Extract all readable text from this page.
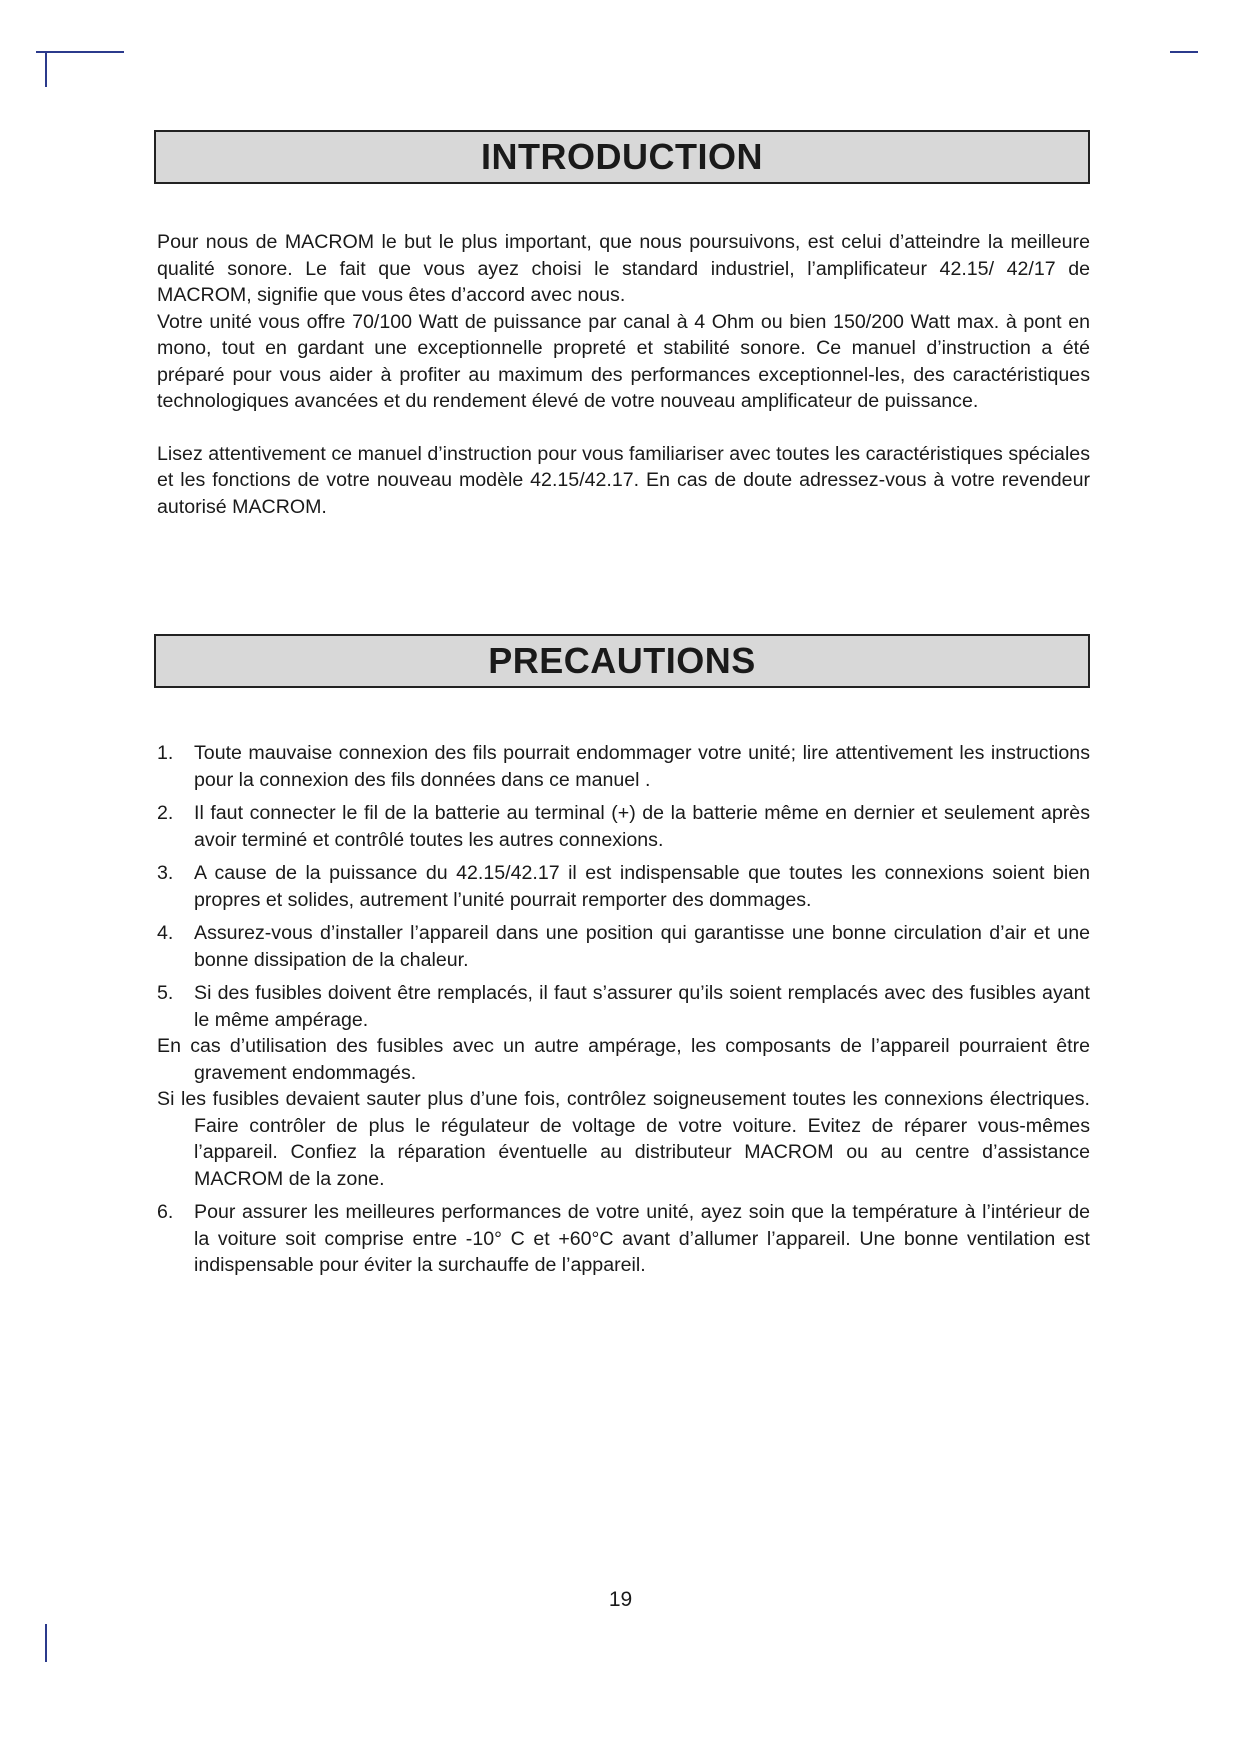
INTRODUCTION

Pour nous de MACROM le but le plus important, que nous poursuivons, est celui d’atteindre la meilleure qualité sonore. Le fait que vous ayez choisi le standard industriel, l’amplificateur 42.15/ 42/17 de MACROM, signifie que vous êtes d’accord avec nous.

Votre unité vous offre 70/100 Watt de puissance par canal à 4 Ohm ou bien 150/200 Watt max. à pont en mono, tout en gardant une exceptionnelle propreté et stabilité sonore. Ce manuel d’instruction a été préparé pour vous aider à profiter au maximum des performances exceptionnel-les, des caractéristiques technologiques avancées et du rendement élevé de votre nouveau amplificateur de puissance.

Lisez attentivement ce manuel d’instruction pour vous familiariser avec toutes les caractéristiques spéciales et les fonctions de votre nouveau modèle 42.15/42.17. En cas de doute adressez-vous à votre revendeur autorisé MACROM.

PRECAUTIONS
1. Toute mauvaise connexion des fils pourrait endommager votre unité; lire attentivement les instructions pour la connexion des fils données dans ce manuel .
2. Il faut connecter le fil de la batterie au terminal (+) de la batterie même en dernier et seulement après avoir terminé et contrôlé toutes les autres connexions.
3. A cause de la puissance du 42.15/42.17 il est indispensable que toutes les connexions soient bien propres et solides, autrement l’unité pourrait remporter des dommages.
4. Assurez-vous d’installer l’appareil dans une position qui garantisse une bonne circulation d’air et une bonne dissipation de la chaleur.
5. Si des fusibles doivent être remplacés, il faut s’assurer qu’ils soient remplacés avec des fusibles ayant le même ampérage.

En cas d’utilisation des fusibles avec un autre ampérage, les composants de l’appareil pourraient être gravement endommagés.

Si les fusibles devaient sauter plus d’une fois, contrôlez soigneusement toutes les connexions électriques. Faire contrôler de plus le régulateur de voltage de votre voiture. Evitez de réparer vous-mêmes l’appareil. Confiez la réparation éventuelle au distributeur MACROM ou au centre d’assistance MACROM de la zone.

6. Pour assurer les meilleures performances de votre unité, ayez soin que la température à l’intérieur de la voiture soit comprise entre -10° C et +60°C avant d’allumer l’appareil. Une bonne ventilation est indispensable pour éviter la surchauffe de l’appareil.
19
